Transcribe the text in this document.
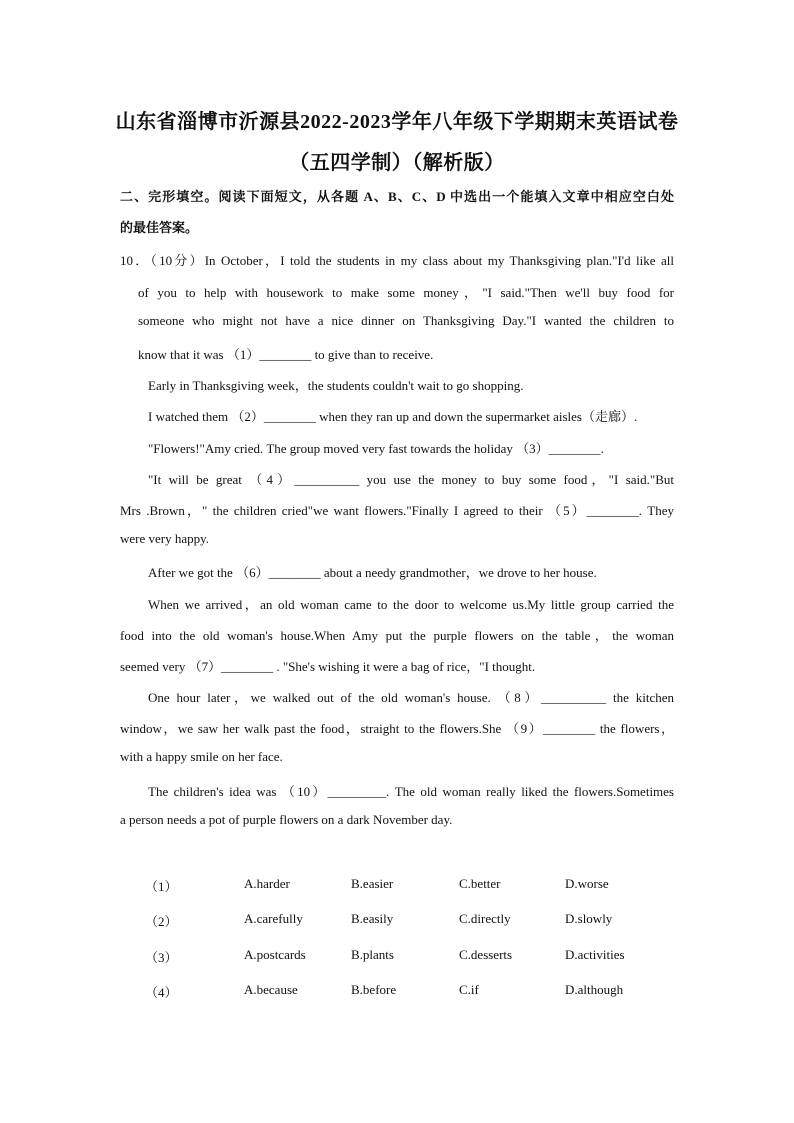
山东省淄博市沂源县2022-2023学年八年级下学期期末英语试卷
（五四学制）（解析版）
二、完形填空。阅读下面短文，从各题 A、B、C、D 中选出一个能填入文章中相应空白处
的最佳答案。
10．（10分）In October，I told the students in my class about my Thanksgiving plan."I'd like all
of you to help with housework to make some money，"I said."Then we'll buy food for
someone who might not have a nice dinner on Thanksgiving Day."I wanted the children to
know that it was （1）________ to give than to receive.
Early in Thanksgiving week，the students couldn't wait to go shopping.
I watched them （2）________ when they ran up and down the supermarket aisles（走廊）.
"Flowers!"Amy cried. The group moved very fast towards the holiday （3）________.
"It will be great （4）__________ you use the money to buy some food，"I said."But
Mrs .Brown，" the children cried"we want flowers."Finally I agreed to their （5）________. They
were very happy.
After we got the （6）________ about a needy grandmother，we drove to her house.
When we arrived，an old woman came to the door to welcome us.My little group carried the
food into the old woman's house.When Amy put the purple flowers on the table，the woman
seemed very （7）________ . "She's wishing it were a bag of rice，"I thought.
One hour later，we walked out of the old woman's house. （8）__________ the kitchen
window，we saw her walk past the food，straight to the flowers.She （9）________ the flowers，
with a happy smile on her face.
The children's idea was （10）_________. The old woman really liked the flowers.Sometimes
a person needs a pot of purple flowers on a dark November day.
（1）	A.harder	B.easier	C.better	D.worse
（2）	A.carefully	B.easily	C.directly	D.slowly
（3）	A.postcards	B.plants	C.desserts	D.activities
（4）	A.because	B.before	C.if	D.although
